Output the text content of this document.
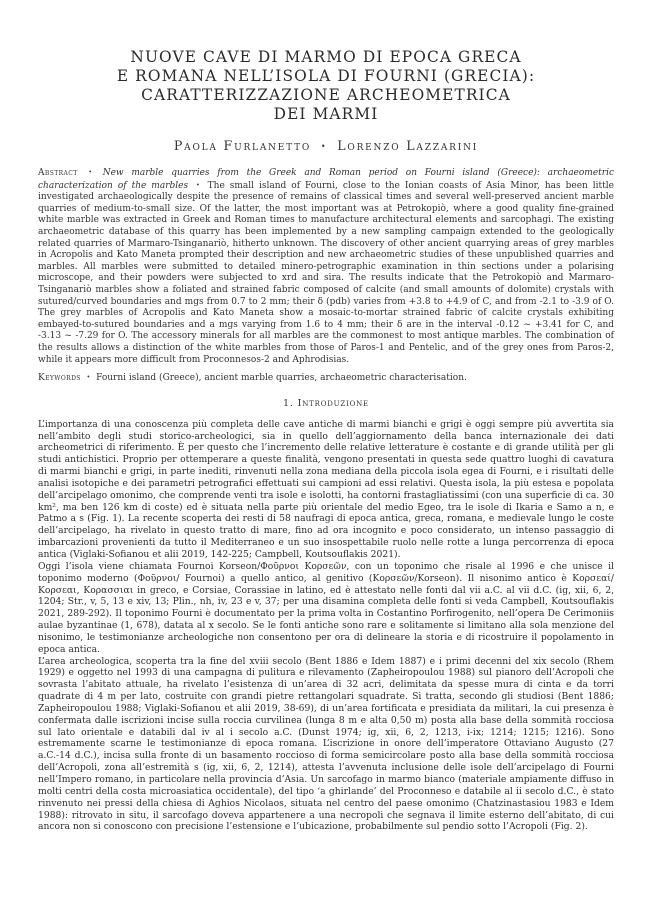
NUOVE CAVE DI MARMO DI EPOCA GRECA
E ROMANA NELL’ISOLA DI FOURNI (GRECIA):
CARATTERIZZAZIONE ARCHEOMETRICA
DEI MARMI
Paola Furlanetto • Lorenzo Lazzarini
Abstract • New marble quarries from the Greek and Roman period on Fourni island (Greece): archaeometric characterization of the marbles • The small island of Fourni, close to the Ionian coasts of Asia Minor, has been little investigated archaeologically despite the presence of remains of classical times and several well-preserved ancient marble quarries of medium-to-small size. Of the latter, the most important was at Petrokopiò, where a good quality fine-grained white marble was extracted in Greek and Roman times to manufacture architectural elements and sarcophagi. The existing archaeometric database of this quarry has been implemented by a new sampling campaign extended to the geologically related quarries of Marmaro-Tsinganariò, hitherto unknown. The discovery of other ancient quarrying areas of grey marbles in Acropolis and Kato Maneta prompted their description and new archaeometric studies of these unpublished quarries and marbles. All marbles were submitted to detailed minero-petrographic examination in thin sections under a polarising microscope, and their powders were subjected to xrd and sira. The results indicate that the Petrokopiò and Marmaro-Tsinganariò marbles show a foliated and strained fabric composed of calcite (and small amounts of dolomite) crystals with sutured/curved boundaries and mgs from 0.7 to 2 mm; their δ (pdb) varies from +3.8 to +4.9 of C, and from -2.1 to -3.9 of O. The grey marbles of Acropolis and Kato Maneta show a mosaic-to-mortar strained fabric of calcite crystals exhibiting embayed-to-sutured boundaries and a mgs varying from 1.6 to 4 mm; their δ are in the interval -0.12 ~ +3.41 for C, and -3.13 ~ -7.29 for O. The accessory minerals for all marbles are the commonest to most antique marbles. The combination of the results allows a distinction of the white marbles from those of Paros-1 and Pentelic, and of the grey ones from Paros-2, while it appears more difficult from Proconnesos-2 and Aphrodisias.
Keywords • Fourni island (Greece), ancient marble quarries, archaeometric characterisation.
1. Introduzione

L’importanza di una conoscenza più completa delle cave antiche di marmi bianchi e grigi è oggi sempre più avvertita sia nell’ambito degli studi storico-archeologici, sia in quello dell’aggiornamento della banca internazionale dei dati archeometrici di riferimento. È per questo che l’incremento delle relative letterature è costante e di grande utilità per gli studi antichistici. Proprio per ottemperare a queste finalità, vengono presentati in questa sede quattro luoghi di cavatura di marmi bianchi e grigi, in parte inediti, rinvenuti nella zona mediana della piccola isola egea di Fourni, e i risultati delle analisi isotopiche e dei parametri petrografici effettuati sui campioni ad essi relativi. Questa isola, la più estesa e popolata dell’arcipelago omonimo, che comprende venti tra isole e isolotti, ha contorni frastagliatissimi (con una superficie di ca. 30 km², ma ben 126 km di coste) ed è situata nella parte più orientale del medio Egeo, tra le isole di Ikaria e Samo a n, e Patmo a s (Fig. 1). La recente scoperta dei resti di 58 naufragi di epoca antica, greca, romana, e medievale lungo le coste dell’arcipelago, ha rivelato in questo tratto di mare, fino ad ora incognito e poco considerato, un intenso passaggio di imbarcazioni provenienti da tutto il Mediterraneo e un suo insospettabile ruolo nelle rotte a lunga percorrenza di epoca antica (Viglaki-Sofianou et alii 2019, 142-225; Campbell, Koutsouflakis 2021).

Oggi l’isola viene chiamata Fournoi Korseon/Φοῦρνοι Κορσεῶν, con un toponimo che risale al 1996 e che unisce il toponimo moderno (Φοῦρνοι/ Fournoi) a quello antico, al genitivo (Κορσεῶν/Korseon). Il nisonimo antico è Κορσεαί/Κορσεαι, Κορασσιαι in greco, e Corsiae, Corassiae in latino, ed è attestato nelle fonti dal vii a.C. al vii d.C. (ig, xii, 6, 2, 1204; Str., v, 5, 13 e xiv, 13; Plin., nh, iv, 23 e v, 37; per una disamina completa delle fonti si veda Campbell, Koutsouflakis 2021, 289-292). Il toponimo Fourni è documentato per la prima volta in Costantino Porfirogenito, nell’opera De Cerimoniis aulae byzantinae (1, 678), datata al x secolo. Se le fonti antiche sono rare e solitamente si limitano alla sola menzione del nisonimo, le testimonianze archeologiche non consentono per ora di delineare la storia e di ricostruire il popolamento in epoca antica.

L’area archeologica, scoperta tra la fine del xviii secolo (Bent 1886 e Idem 1887) e i primi decenni del xix secolo (Rhem 1929) e oggetto nel 1993 di una campagna di pulitura e rilevamento (Zapheiropoulou 1988) sul pianoro dell’Acropoli che sovrasta l’abitato attuale, ha rivelato l’esistenza di un’area di 32 acri, delimitata da spesse mura di cinta e da torri quadrate di 4 m per lato, costruite con grandi pietre rettangolari squadrate. Si tratta, secondo gli studiosi (Bent 1886; Zapheiropoulou 1988; Viglaki-Sofianou et alii 2019, 38-69), di un’area fortificata e presidiata da militari, la cui presenza è confermata dalle iscrizioni incise sulla roccia curvilinea (lunga 8 m e alta 0,50 m) posta alla base della sommità rocciosa sul lato orientale e databili dal iv al i secolo a.C. (Dunst 1974; ig, xii, 6, 2, 1213, i-ix; 1214; 1215; 1216). Sono estremamente scarne le testimonianze di epoca romana. L’iscrizione in onore dell’imperatore Ottaviano Augusto (27 a.C.-14 d.C.), incisa sulla fronte di un basamento roccioso di forma semicircolare posto alla base della sommità rocciosa dell’Acropoli, zona all’estremità s (ig, xii, 6, 2, 1214), attesta l’avvenuta inclusione delle isole dell’arcipelago di Fourni nell’Impero romano, in particolare nella provincia d’Asia. Un sarcofago in marmo bianco (materiale ampiamente diffuso in molti centri della costa microasiatica occidentale), del tipo ‘a ghirlande’ del Proconneso e databile al ii secolo d.C., è stato rinvenuto nei pressi della chiesa di Aghios Nicolaos, situata nel centro del paese omonimo (Chatzinastasiou 1983 e Idem 1988): ritrovato in situ, il sarcofago doveva appartenere a una necropoli che segnava il limite esterno dell’abitato, di cui ancora non si conoscono con precisione l’estensione e l’ubicazione, probabilmente sul pendio sotto l’Acropoli (Fig. 2).
